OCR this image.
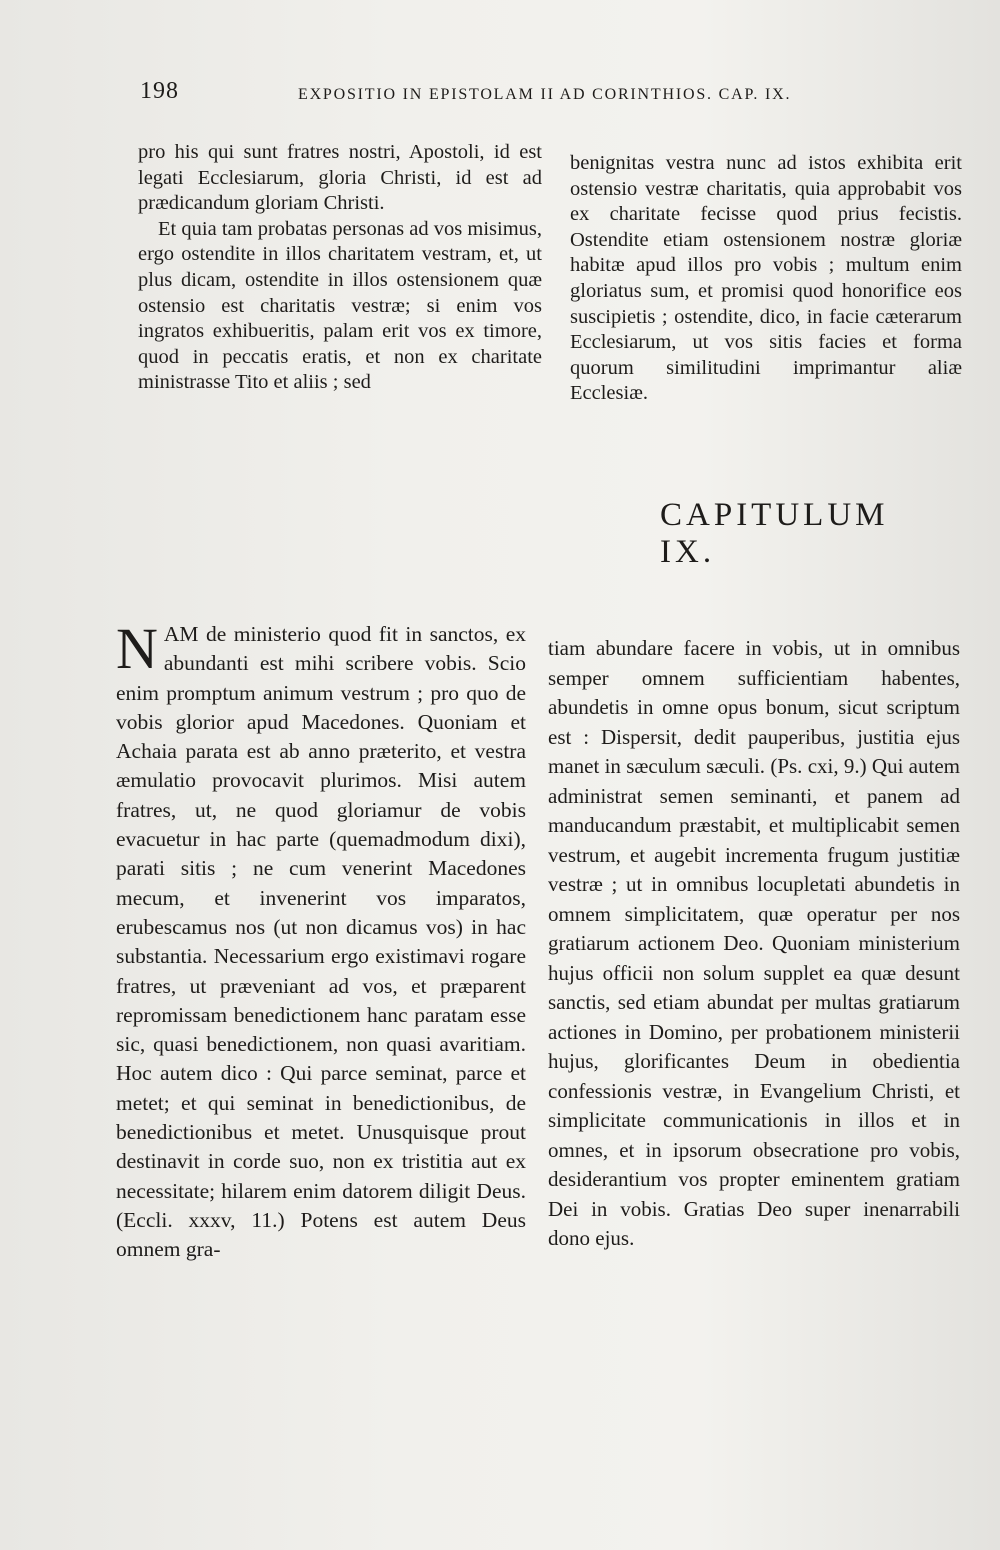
198	EXPOSITIO IN EPISTOLAM II AD CORINTHIOS. CAP. IX.

pro his qui sunt fratres nostri, Apostoli, id est legati Ecclesiarum, gloria Christi, id est ad prædicandum gloriam Christi.

Et quia tam probatas personas ad vos misimus, ergo ostendite in illos charitatem vestram, et, ut plus dicam, ostendite in illos ostensionem quæ ostensio est charitatis vestræ; si enim vos ingratos exhibueritis, palam erit vos ex timore, quod in peccatis eratis, et non ex charitate ministrasse Tito et aliis ; sed

benignitas vestra nunc ad istos exhibita erit ostensio vestræ charitatis, quia approbabit vos ex charitate fecisse quod prius fecistis. Ostendite etiam ostensionem nostræ gloriæ habitæ apud illos pro vobis ; multum enim gloriatus sum, et promisi quod honorifice eos suscipietis ; ostendite, dico, in facie cæterarum Ecclesiarum, ut vos sitis facies et forma quorum similitudini imprimantur aliæ Ecclesiæ.

CAPITULUM IX.
N AM de ministerio quod fit in sanctos, ex abundanti est mihi scribere vobis. Scio enim promptum animum vestrum ; pro quo de vobis glorior apud Macedones. Quoniam et Achaia parata est ab anno præterito, et vestra æmulatio provocavit plurimos. Misi autem fratres, ut, ne quod gloriamur de vobis evacuetur in hac parte (quemadmodum dixi), parati sitis ; ne cum venerint Macedones mecum, et invenerint vos imparatos, erubescamus nos (ut non dicamus vos) in hac substantia. Necessarium ergo existimavi rogare fratres, ut præveniant ad vos, et præparent repromissam benedictionem hanc paratam esse sic, quasi benedictionem, non quasi avaritiam. Hoc autem dico : Qui parce seminat, parce et metet; et qui seminat in benedictionibus, de benedictionibus et metet. Unusquisque prout destinavit in corde suo, non ex tristitia aut ex necessitate; hilarem enim datorem diligit Deus. (Eccli. xxxv, 11.) Potens est autem Deus omnem gra-

tiam abundare facere in vobis, ut in omnibus semper omnem sufficientiam habentes, abundetis in omne opus bonum, sicut scriptum est : Dispersit, dedit pauperibus, justitia ejus manet in sæculum sæculi. (Ps. cxi, 9.) Qui autem administrat semen seminanti, et panem ad manducandum præstabit, et multiplicabit semen vestrum, et augebit incrementa frugum justitiæ vestræ ; ut in omnibus locupletati abundetis in omnem simplicitatem, quæ operatur per nos gratiarum actionem Deo. Quoniam ministerium hujus officii non solum supplet ea quæ desunt sanctis, sed etiam abundat per multas gratiarum actiones in Domino, per probationem ministerii hujus, glorificantes Deum in obedientia confessionis vestræ, in Evangelium Christi, et simplicitate communicationis in illos et in omnes, et in ipsorum obsecratione pro vobis, desiderantium vos propter eminentem gratiam Dei in vobis. Gratias Deo super inenarrabili dono ejus.
